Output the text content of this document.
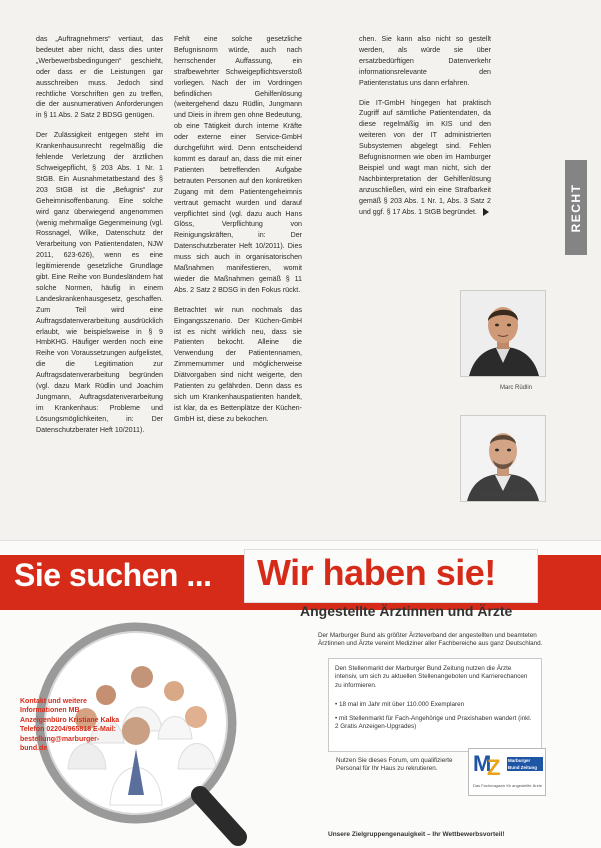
das „Auftragnehmers“ vertiaut, das bedeutet aber nicht, dass dies unter „Werbewerbsbedingungen“ geschieht, oder dass er die Leistungen gar ausschreiben muss. Jedoch sind rechtliche Vorschriften gen zu treffen, die der ausnumerativen Anforderungen in § 11 Abs. 2 Satz 2 BDSG genügen.

Der Zulässigkeit entgegen steht im Krankenhausunrecht regelmäßig die fehlende Verletzung der ärztlichen Schweigepflicht, § 203 Abs. 1 Nr. 1 StGB. Ein Ausnahmetatbestand des § 203 StGB ist die „Befugnis“ zur Geheimnisoffenbarung. Eine solche wird ganz überwiegend angenommen (wenig mehrmalige Gegenmeinung (vgl. Rossnagel, Wilke, Datenschutz der Verarbeitung von Patientendaten, NJW 2011, 623-626), wenn es eine legitimierende gesetzliche Grundlage gibt. Eine Reihe von Bundesländern hat solche Normen, häufig in einem Landeskrankenhausgesetz, geschaffen. Zum Teil wird eine Auftragsdatenverarbeitung ausdrücklich erlaubt, wie beispielsweise in § 9 HmbKHG. Häufiger werden noch eine Reihe von Voraussetzungen aufgelistet, die die Legitimation zur Auftragsdatenverarbeitung begründen (vgl. dazu Mark Rüdlin und Joachim Jungmann, Auftragsdatenverarbeitung im Krankenhaus: Probleme und Lösungsmöglichkeiten, in: Der Datenschutzberater Heft 10/2011).

Fehlt eine solche gesetzliche Befugnisnorm würde, auch nach herrschender Auffassung, ein strafbewehrter Schweigepflichtsverstoß vorliegen. Nach der im Vordringen befindlichen Gehilfenlösung (weitergehend dazu Rüdlin, Jungmann und Dieis in ihrem gen ohne Bedeutung, ob eine Tätigkeit durch interne Kräfte oder externe einer Service-GmbH durchgeführt wird. Denn entscheidend kommt es darauf an, dass die mit einer Patienten betreffenden Aufgabe betrauten Personen auf den konkretiken Zugang mit dem Patientengeheimnis vertraut gemacht wurden und darauf verpflichtet sind (vgl. dazu auch Hans Glöss, Verpflichtung von Reinigungskräften, in: Der Datenschutzberater Heft 10/2011). Dies muss sich auch in organisatorischen Maßnahmen manifestieren, womit wieder die Maßnahmen gemäß § 11 Abs. 2 Satz 2 BDSG in den Fokus rückt.

Betrachtet wir nun nochmals das Eingangsszenario. Der Küchen-GmbH ist es nicht wirklich neu, dass sie Patienten bekocht. Alleine die Verwendung der Patientennamen, Zimmernummer und möglicherweise Diätvorgaben sind nicht weigerte, den Patienten zu gefährden. Denn dass es sich um Krankenhauspatienten handelt, ist klar, da es Bettenplätze der Küchen-GmbH ist, diese zu bekochen.

chen. Sie kann also nicht so gestellt werden, als würde sie über ersatzbedürftigen Datenverkehr informationsrelevante den Patientenstatus uns dann erfahren.

Die IT-GmbH hingegen hat praktisch Zugriff auf sämtliche Patientendaten, da diese regelmäßig im KIS und den weiteren von der IT administrierten Subsystemen abgelegt sind. Fehlen Befugnisnormen wie oben im Hamburger Beispiel und wagt man nicht, sich der Nachbinterpretation der Gehilfenlösung anzuschließen, wird ein eine Strafbarkeit gemäß § 203 Abs. 1 Nr. 1, Abs. 3 Satz 2 und ggf. § 17 Abs. 1 StGB begründet.	RECHT
Marc Rüdlin
Joachim Jungmann
Sie suchen ... Wir haben sie!
Angestellte Ärztinnen und Ärzte
Kontakt und weitere Informationen MB Anzeigenbüro Kristiane Kalka Telefon 02204/965818 E-Mail: bestellung@marburger-bund.de
Der Marburger Bund als größter Ärzteverband der angestellten und beamteten Ärztinnen und Ärzte vereint Mediziner aller Fachbereiche aus ganz Deutschland.
Den Stellenmarkt der Marburger Bund Zeitung nutzen die Ärzte intensiv, um sich zu aktuellen Stellenangeboten und Karrierechancen zu informieren.
• 18 mal im Jahr mit über 110.000 Exemplaren
• mit Stellenmarkt für Fach-Angehörige und Praxishaben wandert (inkl. 2 Gratis Anzeigen-Upgrades)
Nutzen Sie dieses Forum, um qualifizierte Personal für Ihr Haus zu rekrutieren.	M
Z Marburger Bund Zeitung
Das Fachmagazin für angestellte Ärzte
Unsere Zielgruppengenauigkeit – Ihr Wettbewerbsvorteil!
